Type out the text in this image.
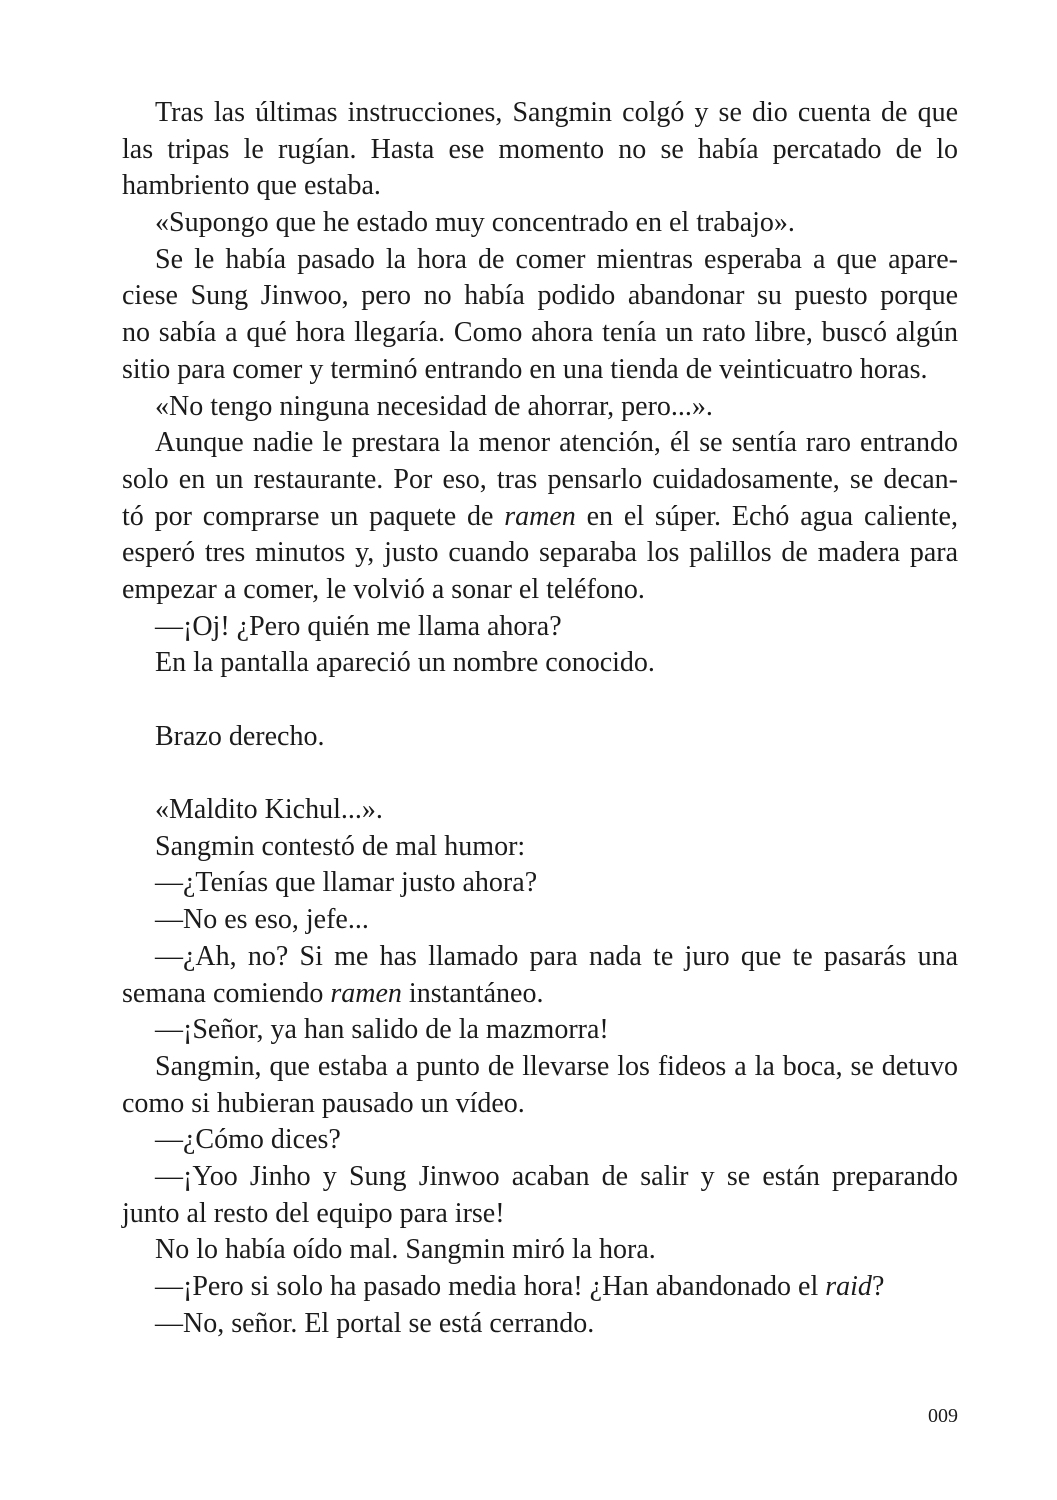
Tras las últimas instrucciones, Sangmin colgó y se dio cuenta de que
las tripas le rugían. Hasta ese momento no se había percatado de lo
hambriento que estaba.
«Supongo que he estado muy concentrado en el trabajo».
Se le había pasado la hora de comer mientras esperaba a que apare-
ciese Sung Jinwoo, pero no había podido abandonar su puesto porque
no sabía a qué hora llegaría. Como ahora tenía un rato libre, buscó algún
sitio para comer y terminó entrando en una tienda de veinticuatro horas.
«No tengo ninguna necesidad de ahorrar, pero...».
Aunque nadie le prestara la menor atención, él se sentía raro entrando
solo en un restaurante. Por eso, tras pensarlo cuidadosamente, se decan-
tó por comprarse un paquete de ramen en el súper. Echó agua caliente,
esperó tres minutos y, justo cuando separaba los palillos de madera para
empezar a comer, le volvió a sonar el teléfono.
—¡Oj! ¿Pero quién me llama ahora?
En la pantalla apareció un nombre conocido.
Brazo derecho.
«Maldito Kichul...».
Sangmin contestó de mal humor:
—¿Tenías que llamar justo ahora?
—No es eso, jefe...
—¿Ah, no? Si me has llamado para nada te juro que te pasarás una
semana comiendo ramen instantáneo.
—¡Señor, ya han salido de la mazmorra!
Sangmin, que estaba a punto de llevarse los fideos a la boca, se detuvo
como si hubieran pausado un vídeo.
—¿Cómo dices?
—¡Yoo Jinho y Sung Jinwoo acaban de salir y se están preparando
junto al resto del equipo para irse!
No lo había oído mal. Sangmin miró la hora.
—¡Pero si solo ha pasado media hora! ¿Han abandonado el raid?
—No, señor. El portal se está cerrando.
009
